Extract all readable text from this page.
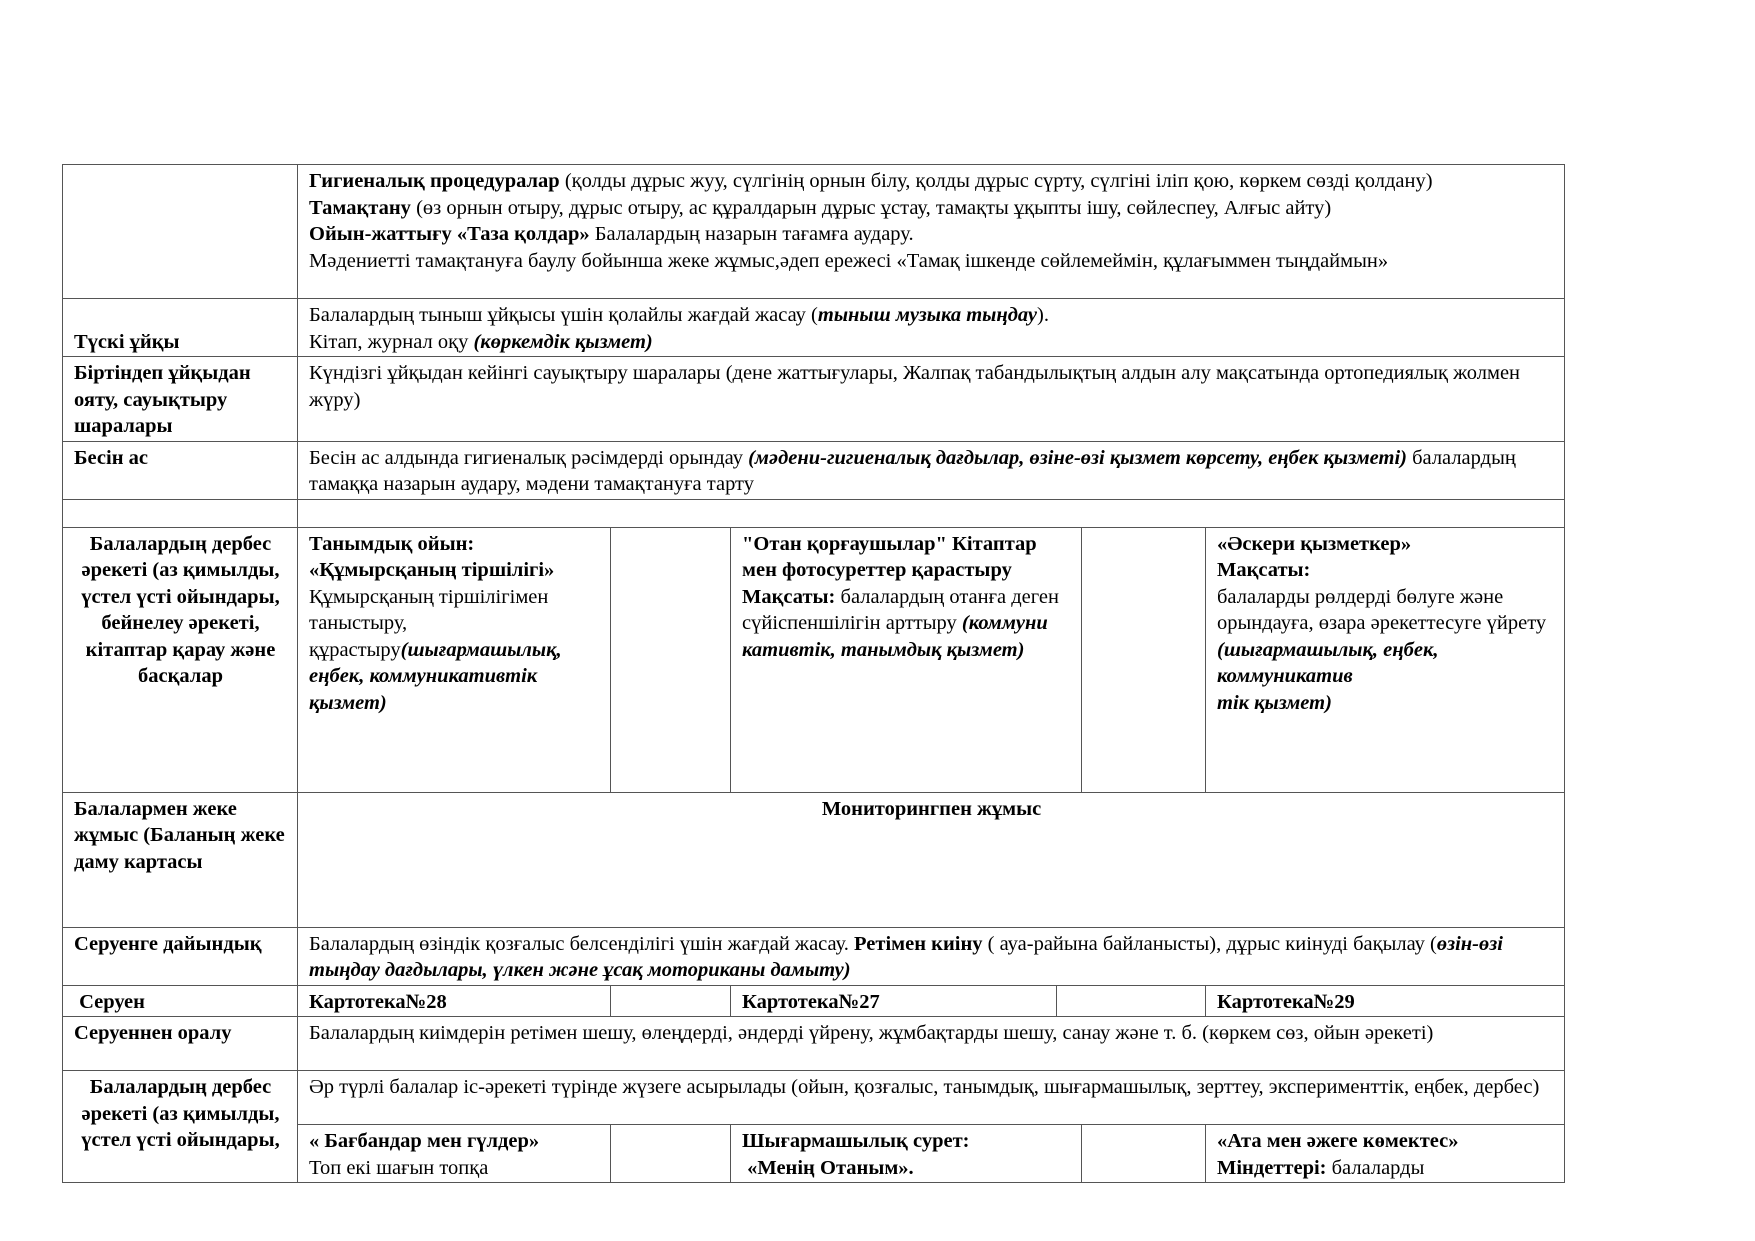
	Гигиеналық процедуралар (қолды дұрыс жуу, сүлгінің орнын білу, қолды дұрыс сүрту, сүлгіні іліп қою, көркем сөзді қолдану)
Тамақтану (өз орнын отыру, дұрыс отыру, ас құралдарын дұрыс ұстау, тамақты ұқыпты ішу, сөйлеспеу, Алғыс айту)
Ойын-жаттығу «Таза қолдар» Балалардың назарын тағамға аудару.
Мәдениетті тамақтануға баулу бойынша жеке жұмыс,әдеп ережесі «Тамақ ішкенде сөйлемеймін, құлағыммен тыңдаймын»					

Түскі ұйқы	Балалардың тыныш ұйқысы үшін қолайлы жағдай жасау (тыныш музыка тыңдау).
Кітап, журнал оқу (көркемдік қызмет)					

Біртіндеп ұйқыдан ояту, сауықтыру шаралары	Күндізгі ұйқыдан кейінгі сауықтыру шаралары (дене жаттығулары, Жалпақ табандылықтың алдын алу мақсатында ортопедиялық жолмен жүру)					
Бесін ас	Бесін ас алдында гигиеналық рәсімдерді орындау (мәдени-гигиеналық дағдылар, өзіне-өзі қызмет көрсету, еңбек қызметі) балалардың тамаққа назарын аудару, мәдени тамақтануға тарту					

Балалардың дербес әрекеті (аз қимылды, үстел үсті ойындары, бейнелеу әрекеті, кітаптар қарау және басқалар	Танымдық ойын: «Құмырсқаның тіршілігі»
Құмырсқаның тіршілігімен таныстыру, құрастыру(шығармашылық, еңбек, коммуникативтік қызмет)		"Отан қорғаушылар" Кітаптар мен фотосуреттер қарастыру
Мақсаты: балалардың отанға деген сүйіспеншілігін арттыру (коммуни кативтік, танымдық қызмет)			«Әскери қызметкер»
Мақсаты:
балаларды рөлдерді бөлуге және орындауға, өзара әрекеттесуге үйрету (шығармашылық, еңбек, коммуникатив
тік қызмет)
Балалармен жеке жұмыс (Баланың жеке даму картасы	Мониторингпен жұмыс					
Серуенге дайындық	Балалардың өзіндік қозғалыс белсенділігі үшін жағдай жасау. Ретімен киіну ( ауа-райына байланысты), дұрыс киінуді бақылау (өзін-өзі тыңдау дағдылары, үлкен және ұсақ моториканы дамыту)					
Серуен	Картотека№28		Картотека№27			Картотека№29
Серуеннен оралу	Балалардың киімдерін ретімен шешу, өлеңдерді, әндерді үйрену, жұмбақтарды шешу, санау және т. б. (көркем сөз, ойын әрекеті)					
Балалардың дербес әрекеті (аз қимылды, үстел үсті ойындары,	Әр түрлі балалар іс-әрекеті түрінде жүзеге асырылады (ойын, қозғалыс, танымдық, шығармашылық, зерттеу, эксперименттік, еңбек, дербес)					

	« Бағбандар мен гүлдер»
Топ екі шағын топқа		Шығармашылық сурет:
«Менің Отаным».			«Ата мен әжеге көмектес»
Міндеттері: балаларды
